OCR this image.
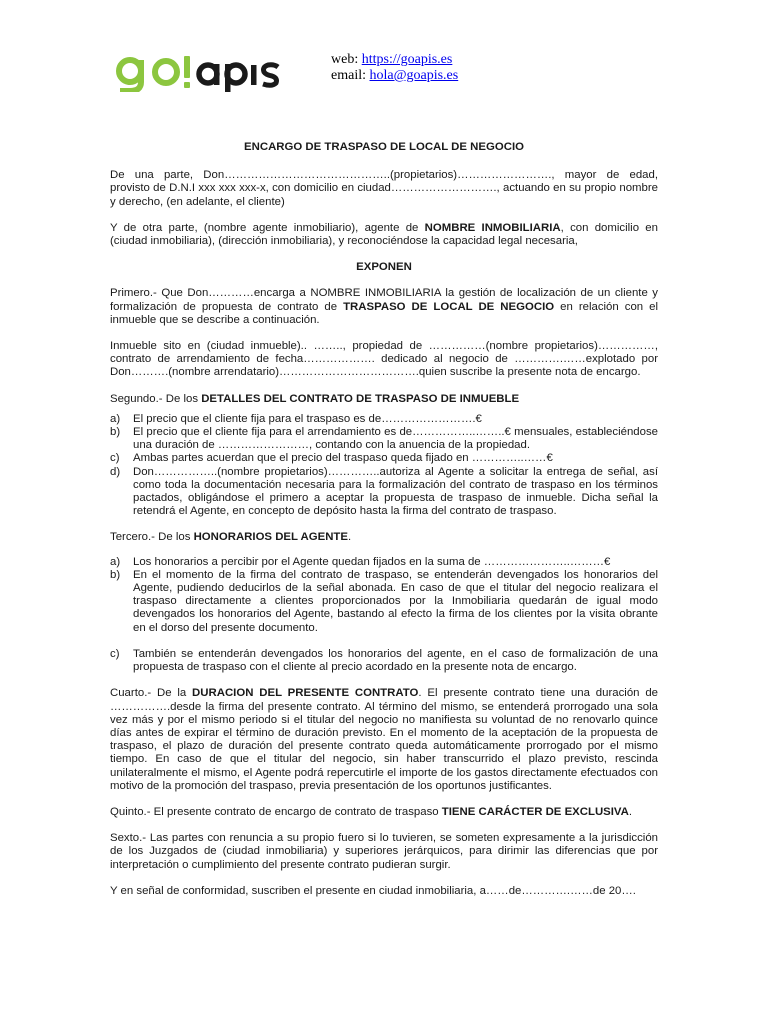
web: https://goapis.es
email: hola@goapis.es
ENCARGO DE TRASPASO DE LOCAL DE NEGOCIO
De una parte, Don……………………………………..(propietarios)……………………., mayor de edad, provisto de D.N.I xxx xxx xxx-x, con domicilio en ciudad………………………., actuando en su propio nombre y derecho, (en adelante, el cliente)
Y de otra parte, (nombre agente inmobiliario), agente de NOMBRE INMOBILIARIA, con domicilio en (ciudad inmobiliaria), (dirección inmobiliaria), y reconociéndose la capacidad legal necesaria,
EXPONEN
Primero.- Que Don…………encarga a NOMBRE INMOBILIARIA la gestión de localización de un cliente y formalización de propuesta de contrato de TRASPASO DE LOCAL DE NEGOCIO en relación con el inmueble que se describe a continuación.
Inmueble sito en (ciudad inmueble).. …….., propiedad de ……………(nombre propietarios)……………, contrato de arrendamiento de fecha………………. dedicado al negocio de ………….……explotado por Don……….(nombre arrendatario)……………………………….quien suscribe la presente nota de encargo.
Segundo.- De los DETALLES DEL CONTRATO DE TRASPASO DE INMUEBLE
a)	El precio que el cliente fija para el traspaso es de…………………….€
b)	El precio que el cliente fija para el arrendamiento es de……………..……..€ mensuales, estableciéndose una duración de ……………………, contando con la anuencia de la propiedad.
c)	Ambas partes acuerdan que el precio del traspaso queda fijado en …………..……€
d)	Don……………..(nombre propietarios)…………..autoriza al Agente a solicitar la entrega de señal, así como toda la documentación necesaria para la formalización del contrato de traspaso en los términos pactados, obligándose el primero a aceptar la propuesta de traspaso de inmueble. Dicha señal la retendrá el Agente, en concepto de depósito hasta la firma del contrato de traspaso.
Tercero.- De los HONORARIOS DEL AGENTE.
a)	Los honorarios a percibir por el Agente quedan fijados en la suma de …………………..………€
b)	En el momento de la firma del contrato de traspaso, se entenderán devengados los honorarios del Agente, pudiendo deducirlos de la señal abonada. En caso de que el titular del negocio realizara el traspaso directamente a clientes proporcionados por la Inmobiliaria quedarán de igual modo devengados los honorarios del Agente, bastando al efecto la firma de los clientes por la visita obrante en el dorso del presente documento.
c)	También se entenderán devengados los honorarios del agente, en el caso de formalización de una propuesta de traspaso con el cliente al precio acordado en la presente nota de encargo.
Cuarto.- De la DURACION DEL PRESENTE CONTRATO. El presente contrato tiene una duración de …………….desde la firma del presente contrato. Al término del mismo, se entenderá prorrogado una sola vez más y por el mismo periodo si el titular del negocio no manifiesta su voluntad de no renovarlo quince días antes de expirar el término de duración previsto. En el momento de la aceptación de la propuesta de traspaso, el plazo de duración del presente contrato queda automáticamente prorrogado por el mismo tiempo. En caso de que el titular del negocio, sin haber transcurrido el plazo previsto, rescinda unilateralmente el mismo, el Agente podrá repercutirle el importe de los gastos directamente efectuados con motivo de la promoción del traspaso, previa presentación de los oportunos justificantes.
Quinto.- El presente contrato de encargo de contrato de traspaso TIENE CARÁCTER DE EXCLUSIVA.
Sexto.- Las partes con renuncia a su propio fuero si lo tuvieren, se someten expresamente a la jurisdicción de los Juzgados de (ciudad inmobiliaria) y superiores jerárquicos, para dirimir las diferencias que por interpretación o cumplimiento del presente contrato pudieran surgir.
Y en señal de conformidad, suscriben el presente en ciudad inmobiliaria, a……de………….……de 20….
